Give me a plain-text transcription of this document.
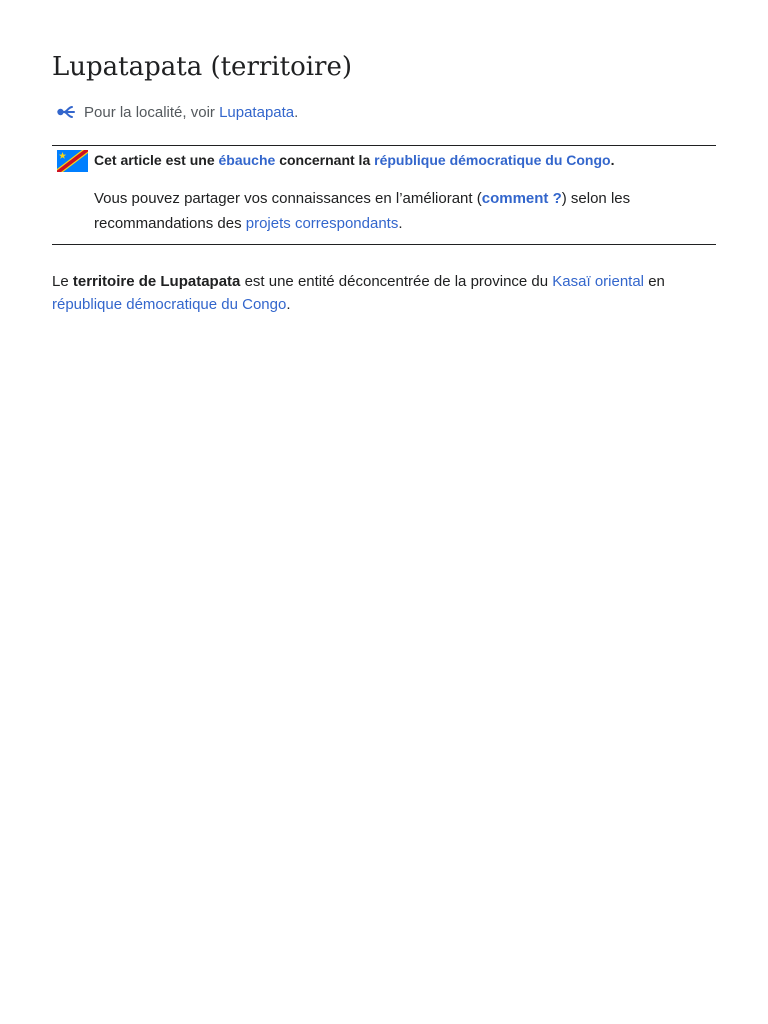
Lupatapata (territoire)
Pour la localité, voir Lupatapata .
Cet article est une ébauche concernant la république démocratique du Congo.
Vous pouvez partager vos connaissances en l’améliorant (comment ?) selon les recommandations des projets correspondants.

Le territoire de Lupatapata est une entité déconcentrée de la province du Kasaï oriental en république démocratique du Congo.
